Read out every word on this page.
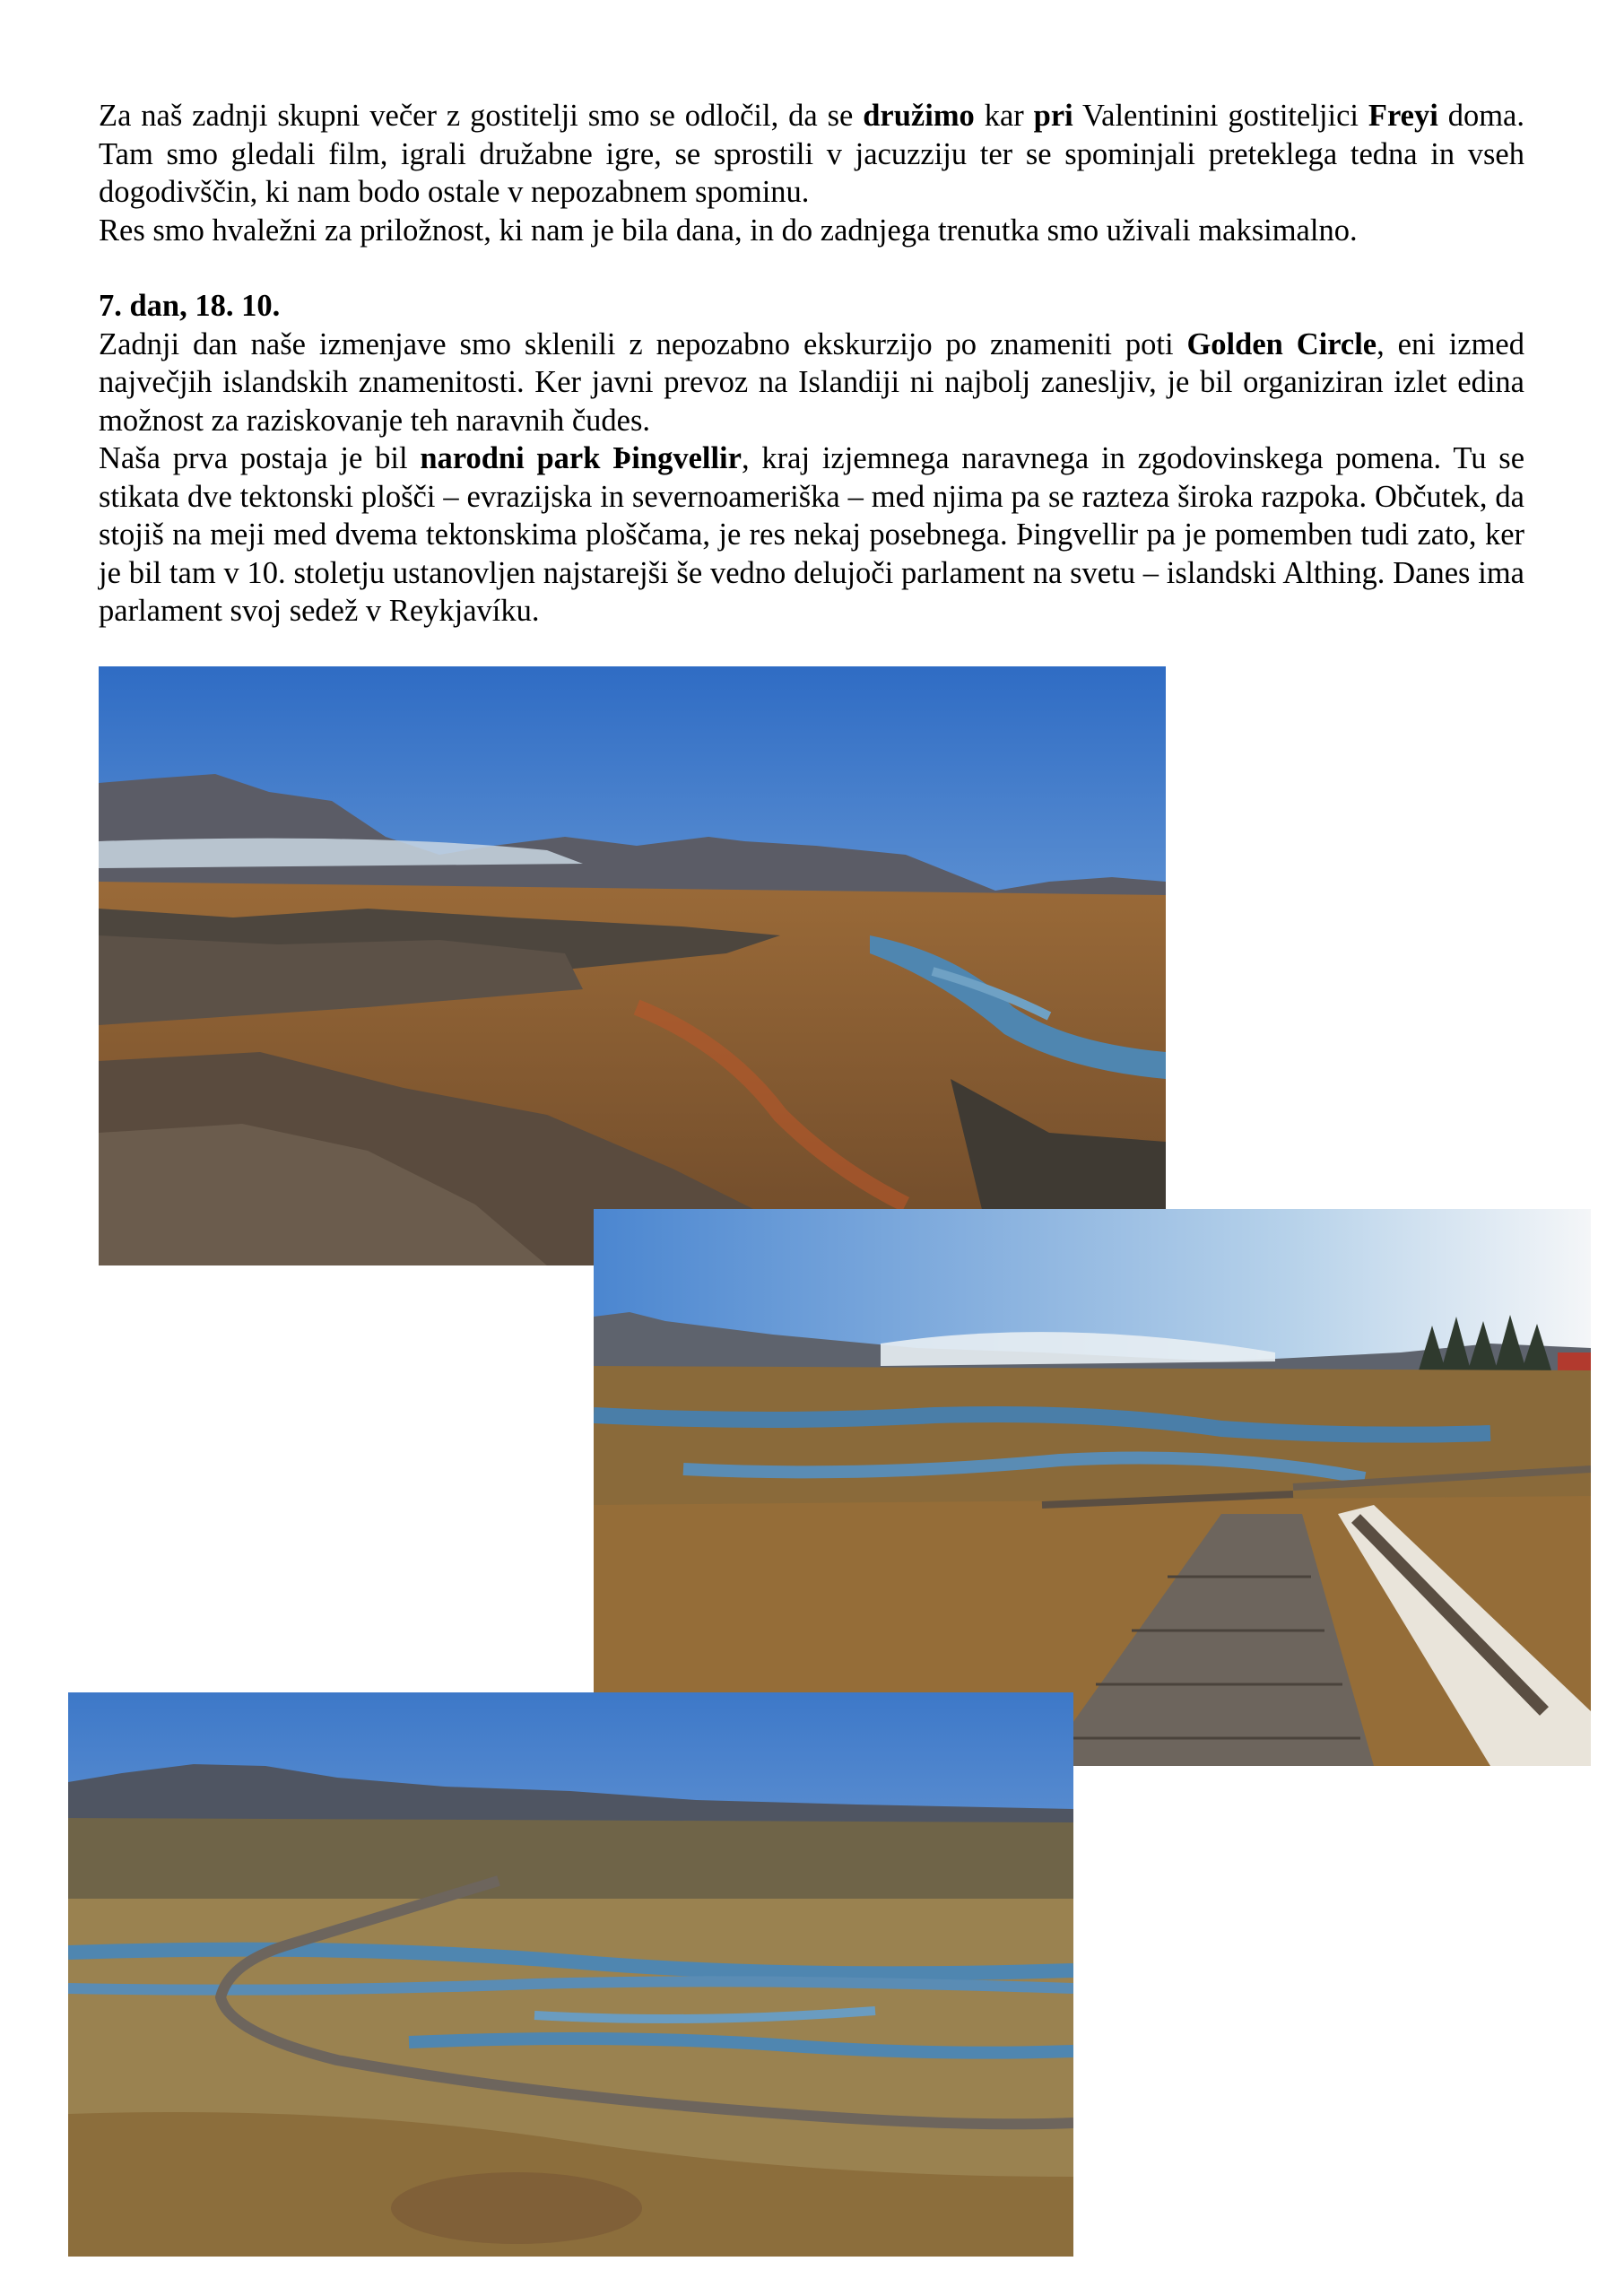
Za naš zadnji skupni večer z gostitelji smo se odločil, da se družimo kar pri Valentinini gostiteljici Freyi doma. Tam smo gledali film, igrali družabne igre, se sprostili v jacuzziju ter se spominjali preteklega tedna in vseh dogodivščin, ki nam bodo ostale v nepozabnem spominu.

Res smo hvaležni za priložnost, ki nam je bila dana, in do zadnjega trenutka smo uživali maksimalno.

7. dan, 18. 10.

Zadnji dan naše izmenjave smo sklenili z nepozabno ekskurzijo po znameniti poti Golden Circle, eni izmed največjih islandskih znamenitosti. Ker javni prevoz na Islandiji ni najbolj zanesljiv, je bil organiziran izlet edina možnost za raziskovanje teh naravnih čudes.

Naša prva postaja je bil narodni park Þingvellir, kraj izjemnega naravnega in zgodovinskega pomena. Tu se stikata dve tektonski plošči – evrazijska in severnoameriška – med njima pa se razteza široka razpoka. Občutek, da stojiš na meji med dvema tektonskima ploščama, je res nekaj posebnega. Þingvellir pa je pomemben tudi zato, ker je bil tam v 10. stoletju ustanovljen najstarejši še vedno delujoči parlament na svetu – islandski Althing. Danes ima parlament svoj sedež v Reykjavíku.
